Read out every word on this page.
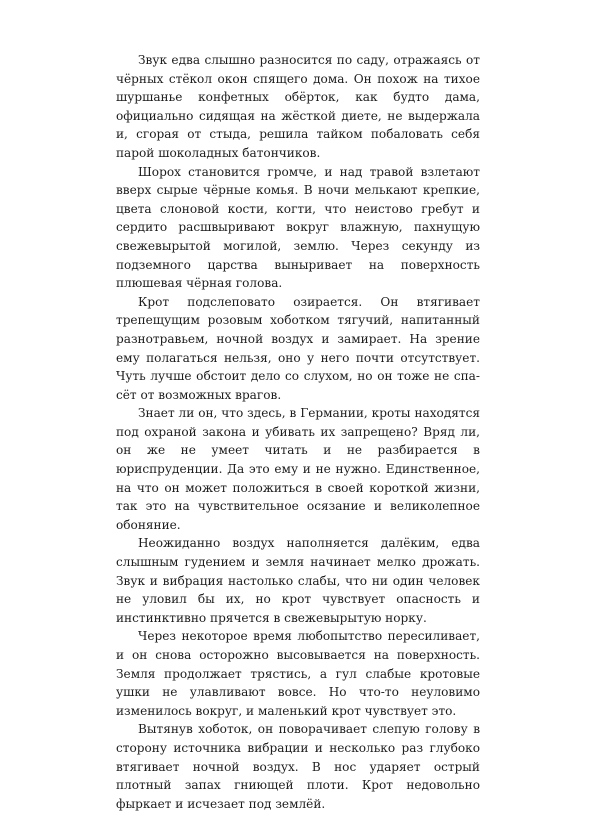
Звук едва слышно разносится по саду, отражаясь от чёрных стёкол окон спящего дома. Он похож на тихое шуршанье конфетных обёрток, как будто дама, официально сидящая на жёсткой диете, не выдержала и, сгорая от стыда, решила тайком побаловать себя парой шоколадных батончиков.

Шорох становится громче, и над травой взлетают вверх сырые чёрные комья. В ночи мелькают крепкие, цвета слоновой кости, когти, что неистово гребут и сердито расшвыривают вокруг влажную, пахнущую свежевырытой могилой, землю. Через секунду из подземного царства выныривает на поверхность плюшевая чёрная голова.

Крот подслеповато озирается. Он втягивает трепещущим розовым хоботком тягучий, напитанный разнотравьем, ночной воздух и замирает. На зрение ему полагаться нельзя, оно у него почти отсутствует. Чуть лучше обстоит дело со слухом, но он тоже не спасёт от возможных врагов.

Знает ли он, что здесь, в Германии, кроты находятся под охраной закона и убивать их запрещено? Вряд ли, он же не умеет читать и не разбирается в юриспруденции. Да это ему и не нужно. Единственное, на что он может положиться в своей короткой жизни, так это на чувствительное осязание и великолепное обоняние.

Неожиданно воздух наполняется далёким, едва слышным гудением и земля начинает мелко дрожать. Звук и вибрация настолько слабы, что ни один человек не уловил бы их, но крот чувствует опасность и инстинктивно прячется в свежевырытую норку.

Через некоторое время любопытство пересиливает, и он снова осторожно высовывается на поверхность. Земля продолжает трястись, а гул слабые кротовые ушки не улавливают вовсе. Но что-то неуловимо изменилось вокруг, и маленький крот чувствует это.

Вытянув хоботок, он поворачивает слепую голову в сторону источника вибрации и несколько раз глубоко втягивает ночной воздух. В нос ударяет острый плотный запах гниющей плоти. Крот недовольно фыркает и исчезает под землёй.
